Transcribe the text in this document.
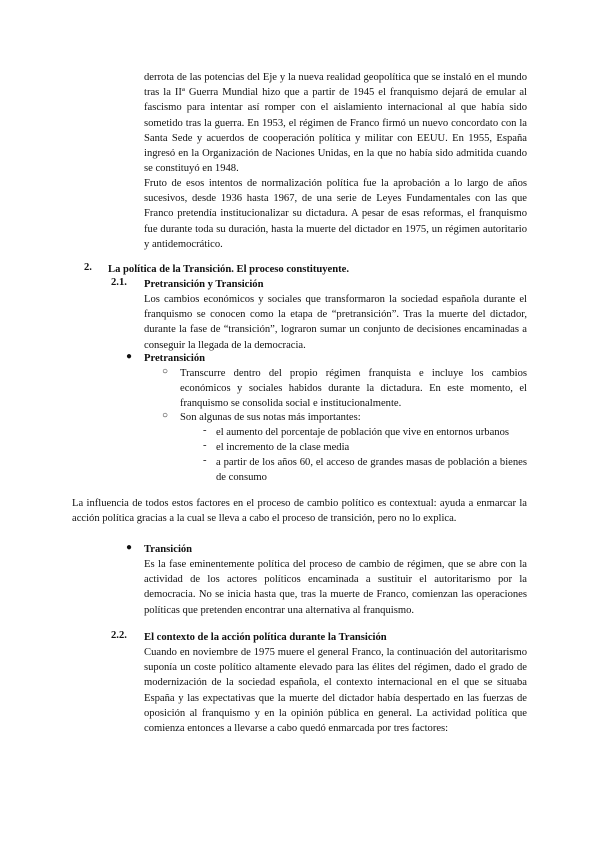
derrota de las potencias del Eje y la nueva realidad geopolítica que se instaló en el mundo tras la IIª Guerra Mundial hizo que a partir de 1945 el franquismo dejará de emular al fascismo para intentar así romper con el aislamiento internacional al que había sido sometido tras la guerra. En 1953, el régimen de Franco firmó un nuevo concordato con la Santa Sede y acuerdos de cooperación política y militar con EEUU. En 1955, España ingresó en la Organización de Naciones Unidas, en la que no había sido admitida cuando se constituyó en 1948.

Fruto de esos intentos de normalización política fue la aprobación a lo largo de años sucesivos, desde 1936 hasta 1967, de una serie de Leyes Fundamentales con las que Franco pretendía institucionalizar su dictadura. A pesar de esas reformas, el franquismo fue durante toda su duración, hasta la muerte del dictador en 1975, un régimen autoritario y antidemocrático.

2. La política de la Transición. El proceso constituyente.
2.1. Pretransición y Transición

Los cambios económicos y sociales que transformaron la sociedad española durante el franquismo se conocen como la etapa de “pretransición”. Tras la muerte del dictador, durante la fase de “transición”, lograron sumar un conjunto de decisiones encaminadas a conseguir la llegada de la democracia.

● Pretransición
○ Transcurre dentro del propio régimen franquista e incluye los cambios económicos y sociales habidos durante la dictadura. En este momento, el franquismo se consolida social e institucionalmente.

○ Son algunas de sus notas más importantes:

- el aumento del porcentaje de población que vive en entornos urbanos

- el incremento de la clase media

- a partir de los años 60, el acceso de grandes masas de población a bienes de consumo

La influencia de todos estos factores en el proceso de cambio político es contextual: ayuda a enmarcar la acción política gracias a la cual se lleva a cabo el proceso de transición, pero no lo explica.

● Transición

Es la fase eminentemente política del proceso de cambio de régimen, que se abre con la actividad de los actores políticos encaminada a sustituir el autoritarismo por la democracia. No se inicia hasta que, tras la muerte de Franco, comienzan las operaciones políticas que pretenden encontrar una alternativa al franquismo.

2.2. El contexto de la acción política durante la Transición

Cuando en noviembre de 1975 muere el general Franco, la continuación del autoritarismo suponía un coste político altamente elevado para las élites del régimen, dado el grado de modernización de la sociedad española, el contexto internacional en el que se situaba España y las expectativas que la muerte del dictador había despertado en las fuerzas de oposición al franquismo y en la opinión pública en general. La actividad política que comienza entonces a llevarse a cabo quedó enmarcada por tres factores:
